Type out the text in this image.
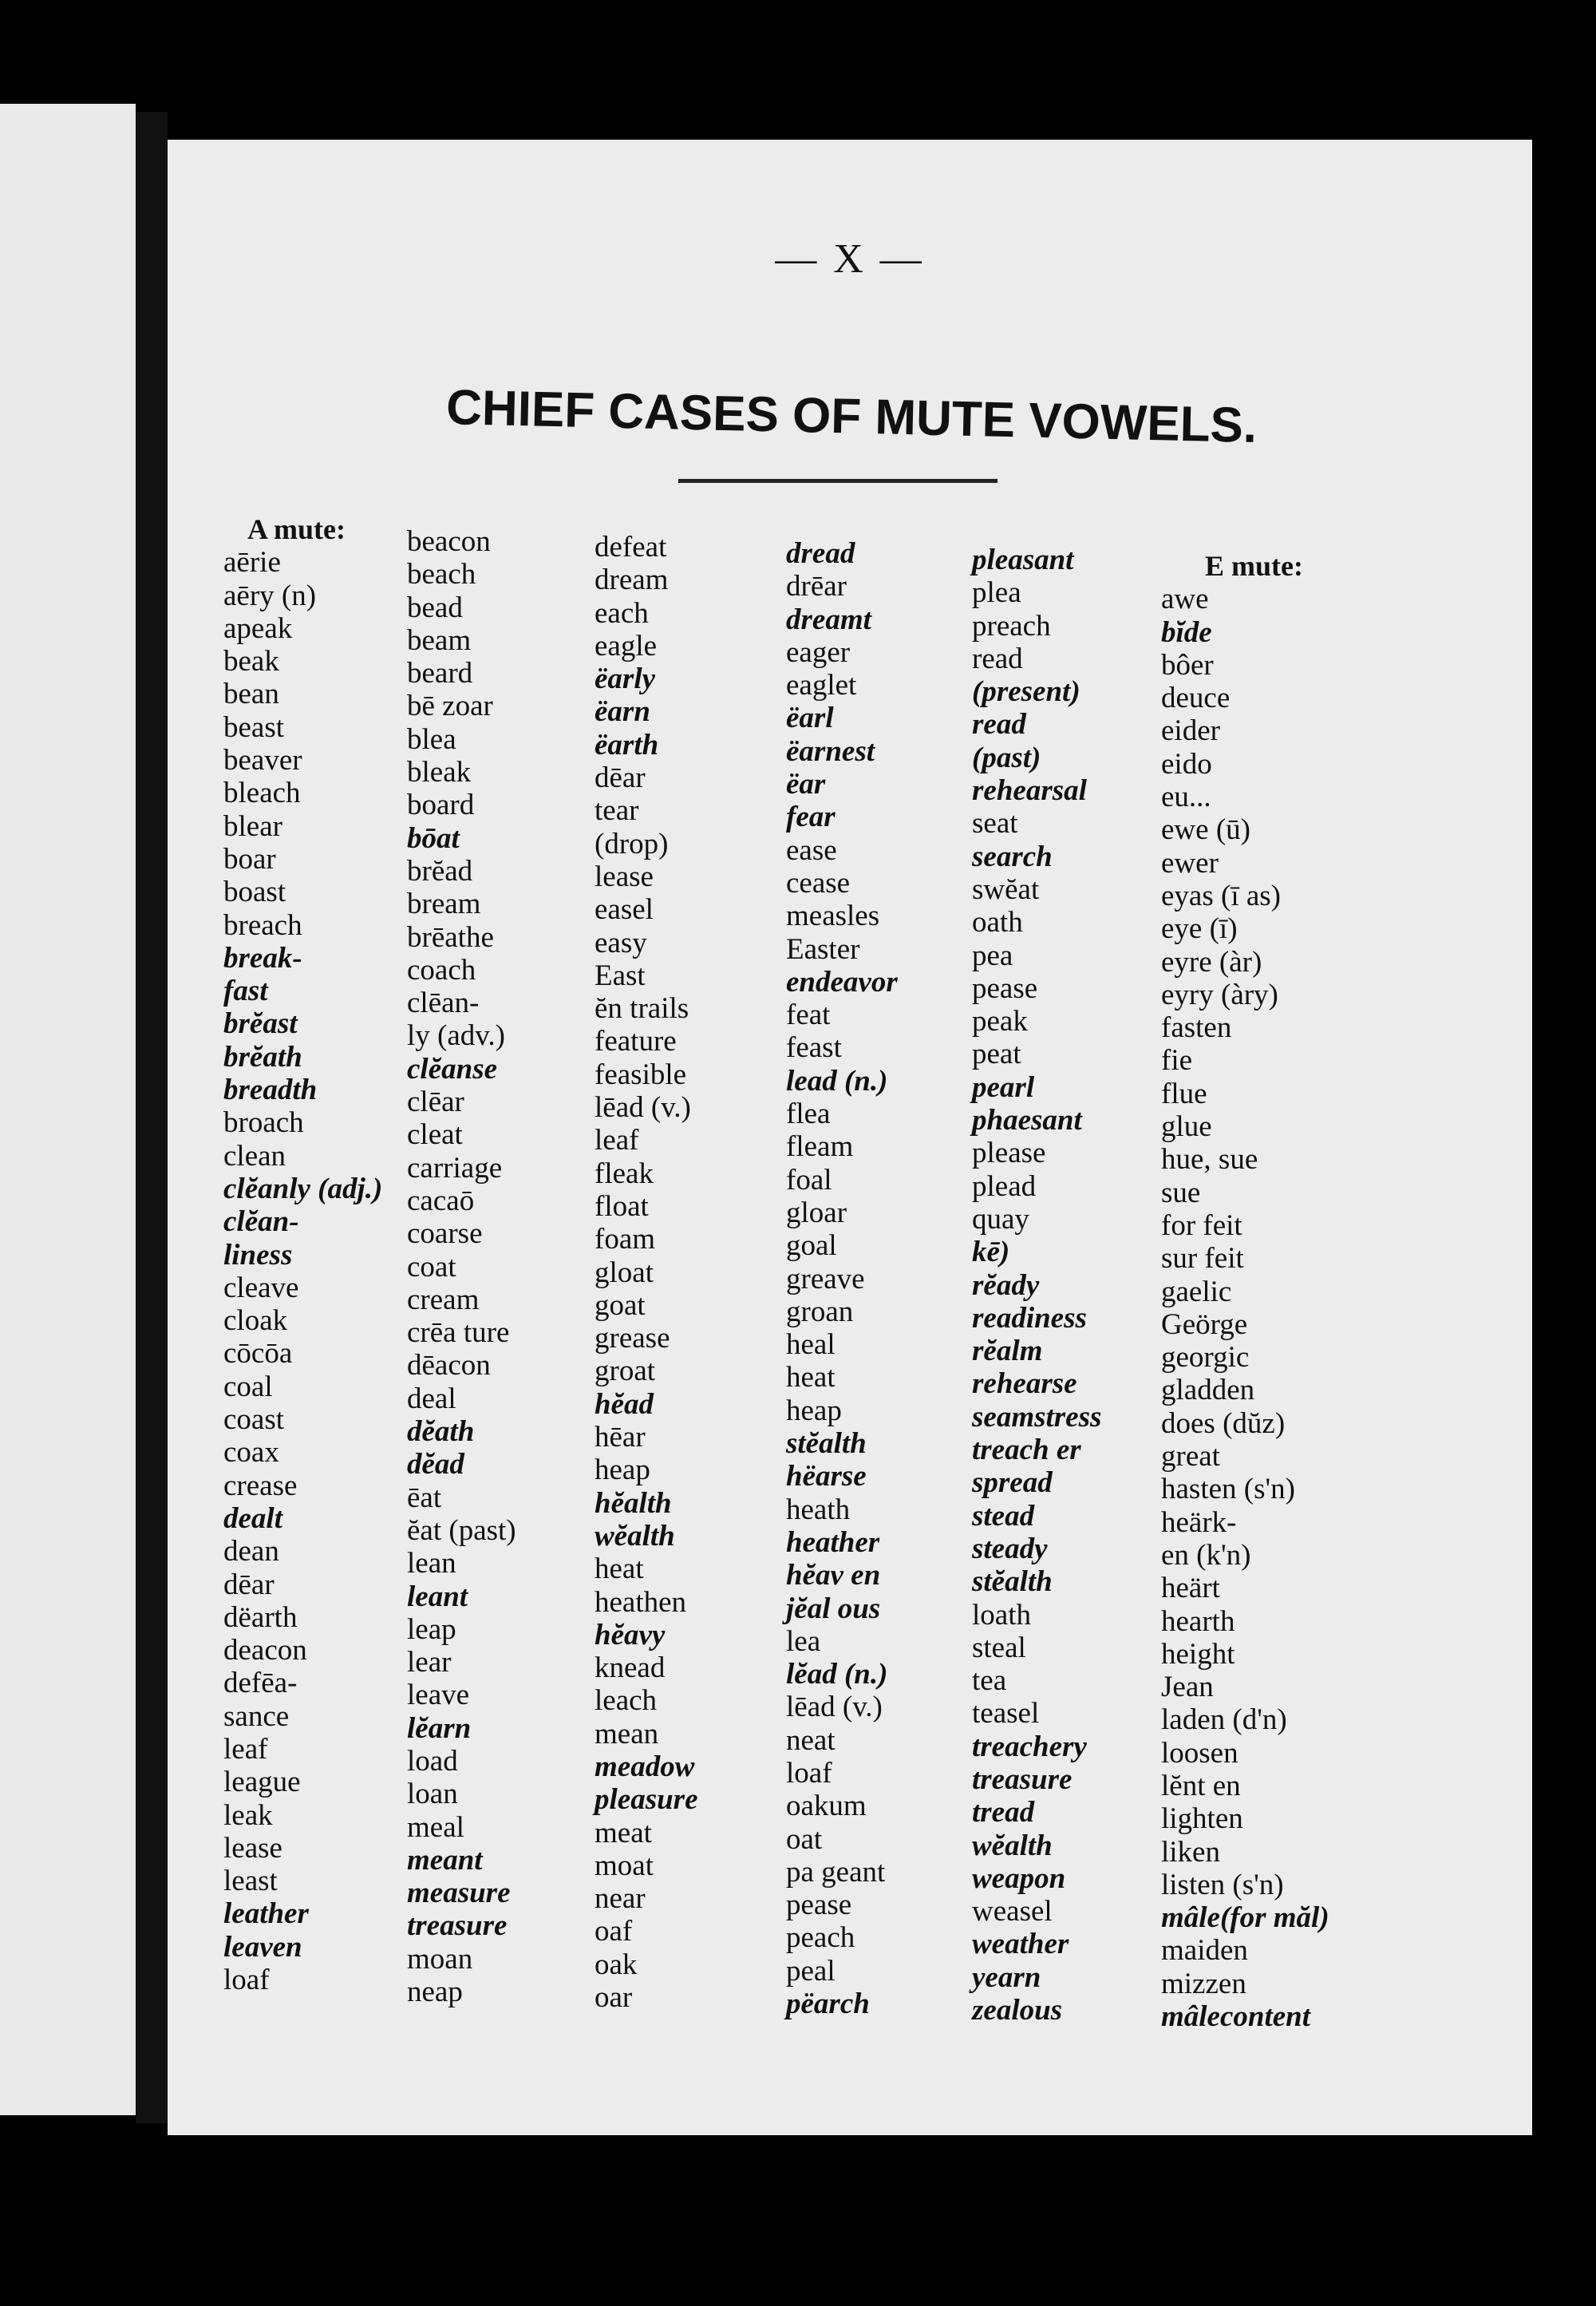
— X —
CHIEF CASES OF MUTE VOWELS.
A mute:
aērie
aēry (n)
apeak
beak
bean
beast
beaver
bleach
blear
boar
boast
breach
break-
fast
brĕast
brĕath
breadth
broach
clean
clĕanly (adj.)
clĕan-
liness
cleave
cloak
cōcōa
coal
coast
coax
crease
dealt
dean
dēar
dëarth
deacon
defēa-
sance
leaf
league
leak
lease
least
leather
leaven
loaf
beacon
beach
bead
beam
beard
bē zoar
blea
bleak
board
bōat
brĕad
bream
brēathe
coach
clēan-
ly (adv.)
clĕanse
clēar
cleat
carriage
cacaō
coarse
coat
cream
crēa ture
dēacon
deal
dĕath
dĕad
ēat
ĕat (past)
lean
leant
leap
lear
leave
lĕarn
load
loan
meal
meant
measure
treasure
moan
neap
defeat
dream
each
eagle
ëarly
ëarn
ëarth
dēar
tear
(drop)
lease
easel
easy
East
ĕn trails
feature
feasible
lēad (v.)
leaf
fleak
float
foam
gloat
goat
grease
groat
hĕad
hēar
heap
hĕalth
wĕalth
heat
heathen
hĕavy
knead
leach
mean
meadow
pleasure
meat
moat
near
oaf
oak
oar
dread
drēar
dreamt
eager
eaglet
ëarl
ëarnest
ëar
fear
ease
cease
measles
Easter
endeavor
feat
feast
lead (n.)
flea
fleam
foal
gloar
goal
greave
groan
heal
heat
heap
stĕalth
hëarse
heath
heather
hĕav en
jĕal ous
lea
lĕad (n.)
lēad (v.)
neat
loaf
oakum
oat
pa geant
pease
peach
peal
pëarch
pleasant
plea
preach
read
(present)
read
(past)
rehearsal
seat
search
swĕat
oath
pea
pease
peak
peat
pearl
phaesant
please
plead
quay
kē)
rĕady
readiness
rĕalm
rehearse
seamstress
treach er
spread
stead
steady
stĕalth
loath
steal
tea
teasel
treachery
treasure
tread
wĕalth
weapon
weasel
weather
yearn
zealous
E mute:
awe
bĭde
bôer
deuce
eider
eido
eu...
ewe (ū)
ewer
eyas (ī as)
eye (ī)
eyre (àr)
eyry (àry)
fasten
fie
flue
glue
hue, sue
sue
for feit
sur feit
gaelic
Geörge
georgic
gladden
does (dŭz)
great
hasten (s'n)
heärk-
en (k'n)
heärt
hearth
height
Jean
laden (d'n)
loosen
lĕnt en
lighten
liken
listen (s'n)
mâle(for măl)
maiden
mizzen
mâlecontent
